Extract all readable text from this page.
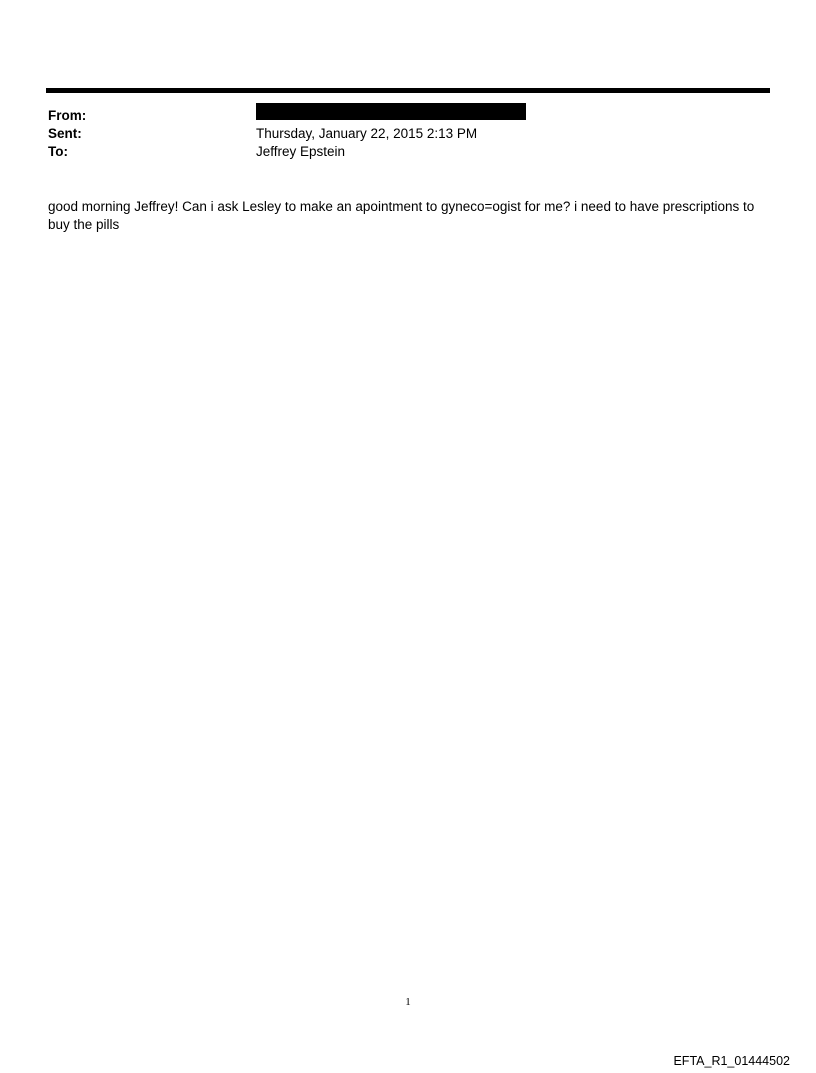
From:
Sent:	Thursday, January 22, 2015 2:13 PM
To:	Jeffrey Epstein
good morning Jeffrey! Can i ask Lesley to make an apointment to gyneco=ogist for me? i need to have prescriptions to buy the pills
1
EFTA_R1_01444502
